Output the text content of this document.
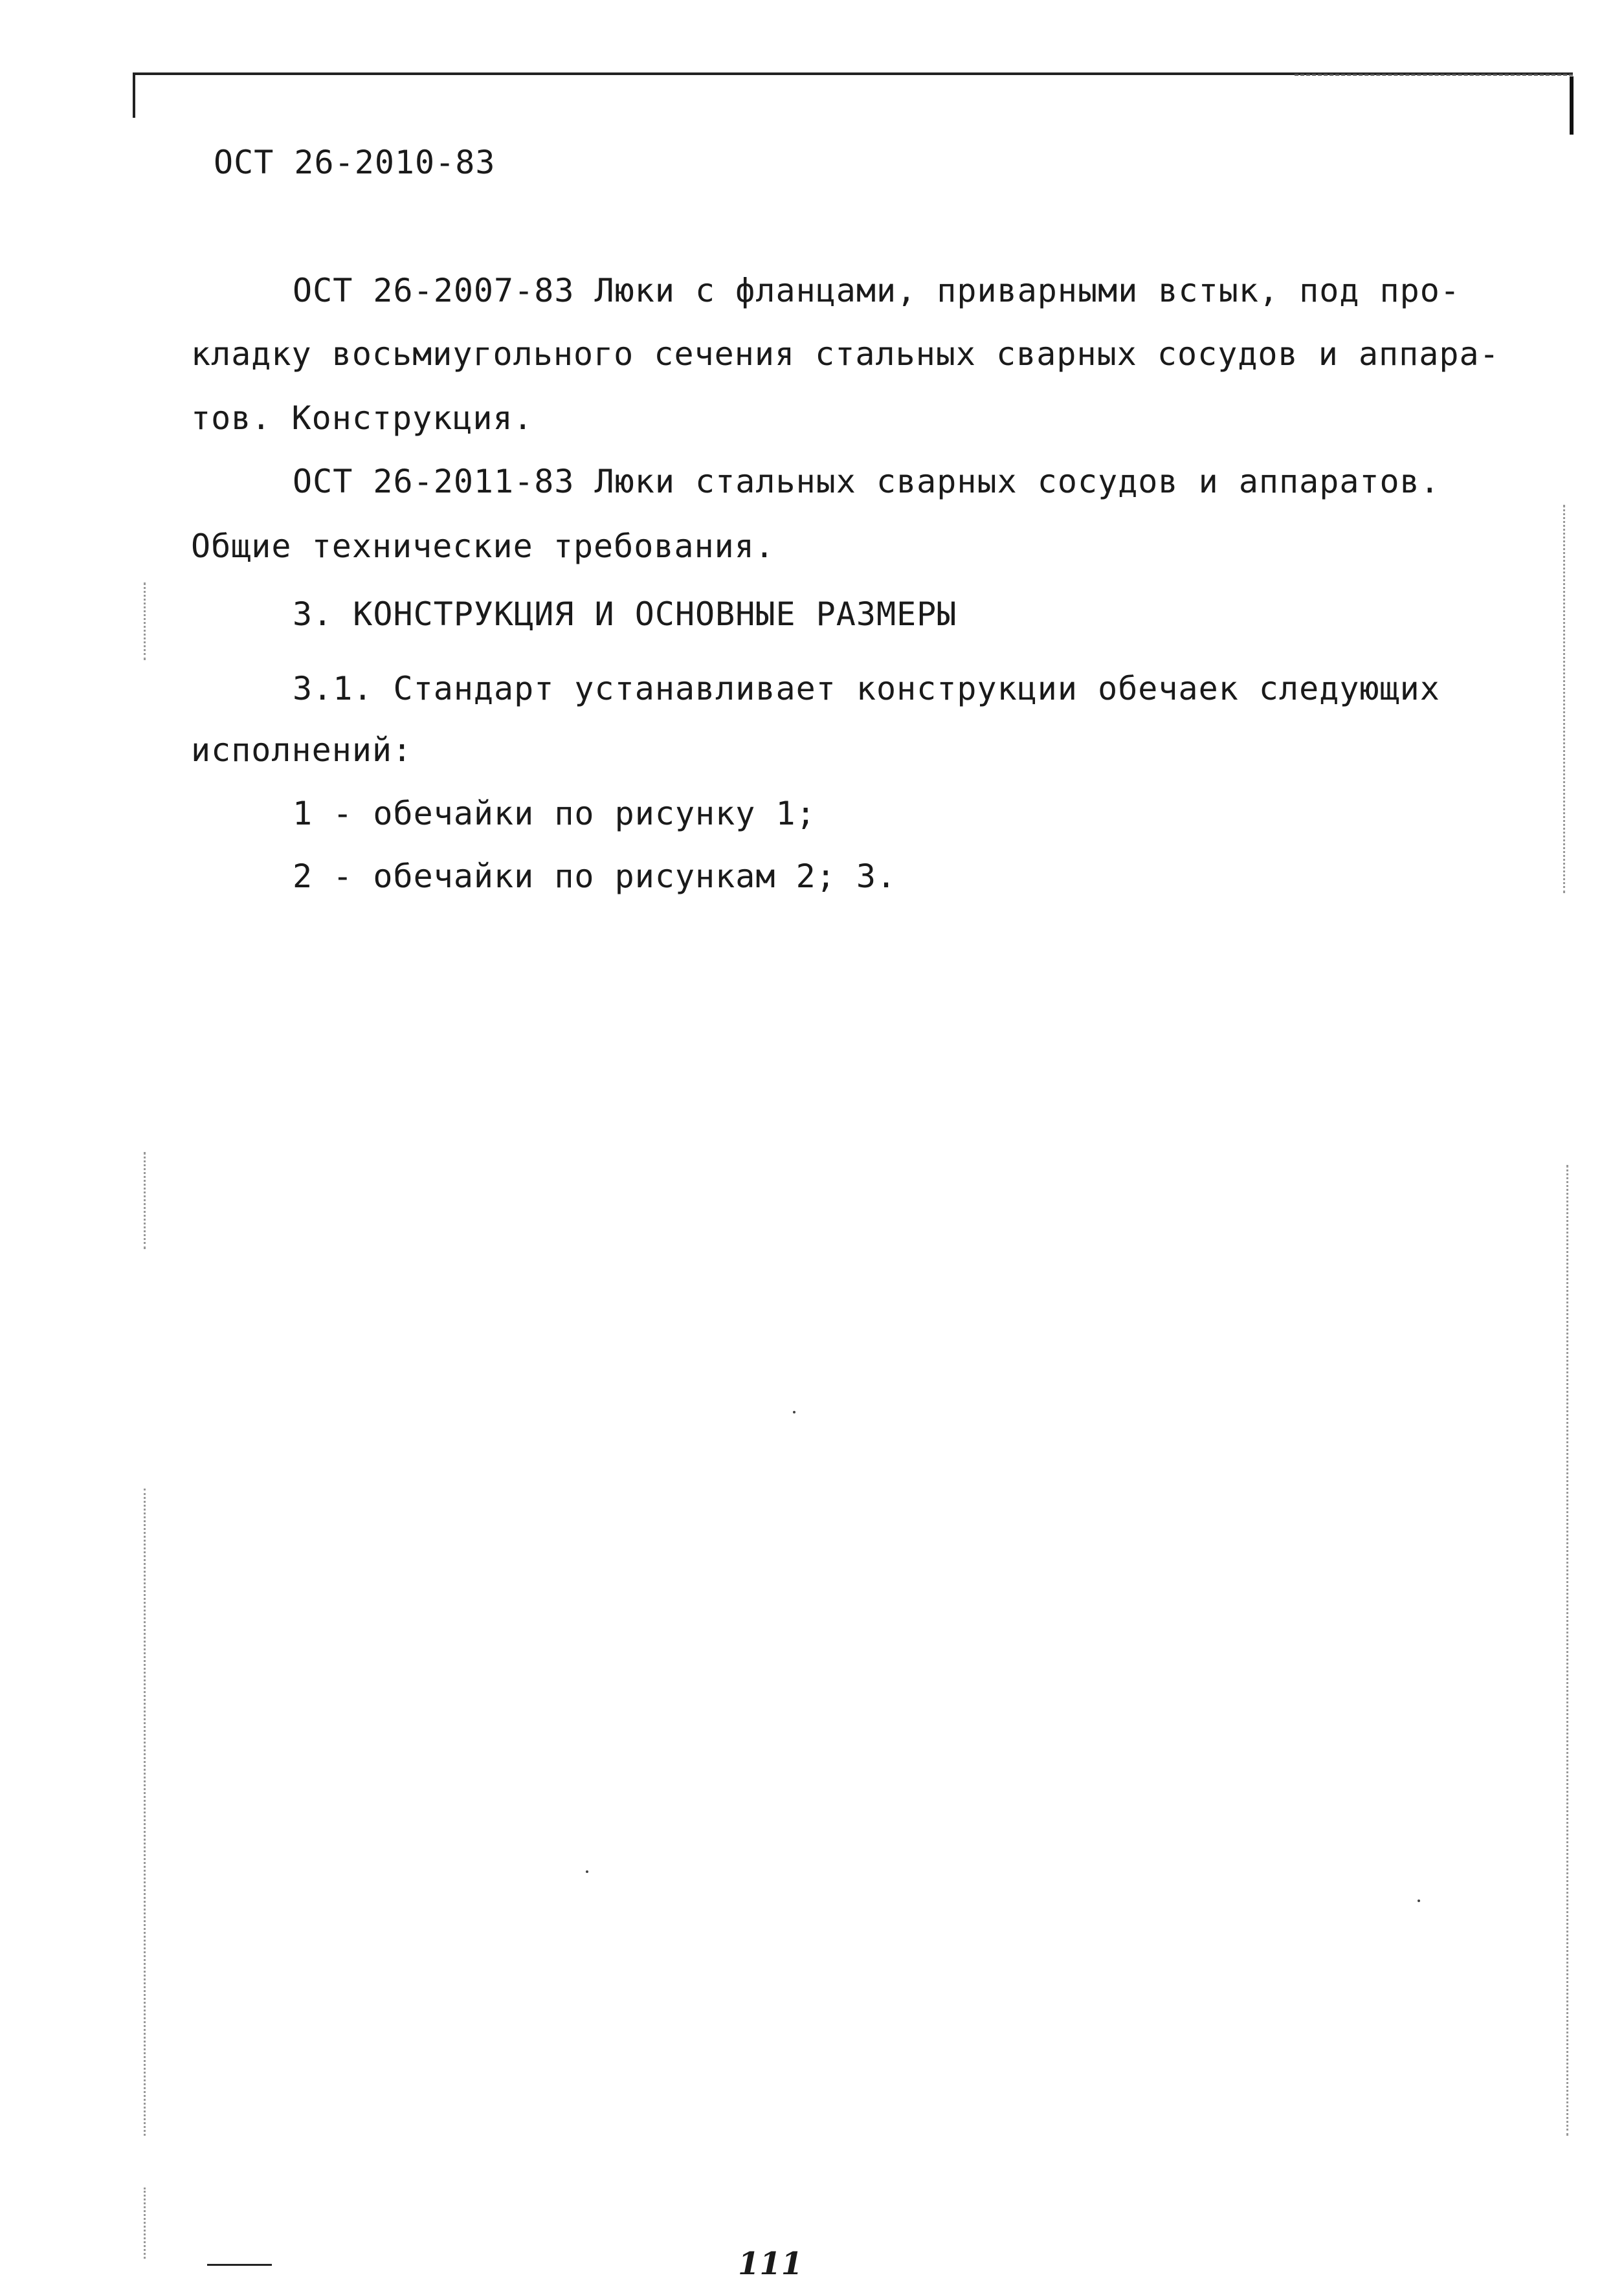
ОСТ 26-2010-83
ОСТ 26-2007-83 Люки с фланцами, приварными встык, под про-
кладку восьмиугольного сечения стальных сварных сосудов и аппара-
тов. Конструкция.
ОСТ 26-2011-83 Люки стальных сварных сосудов и аппаратов.
Общие технические требования.
3. КОНСТРУКЦИЯ И ОСНОВНЫЕ РАЗМЕРЫ
3.1. Стандарт устанавливает конструкции обечаек следующих
исполнений:
1 - обечайки по рисунку 1;
2 - обечайки по рисункам 2; 3.
111
